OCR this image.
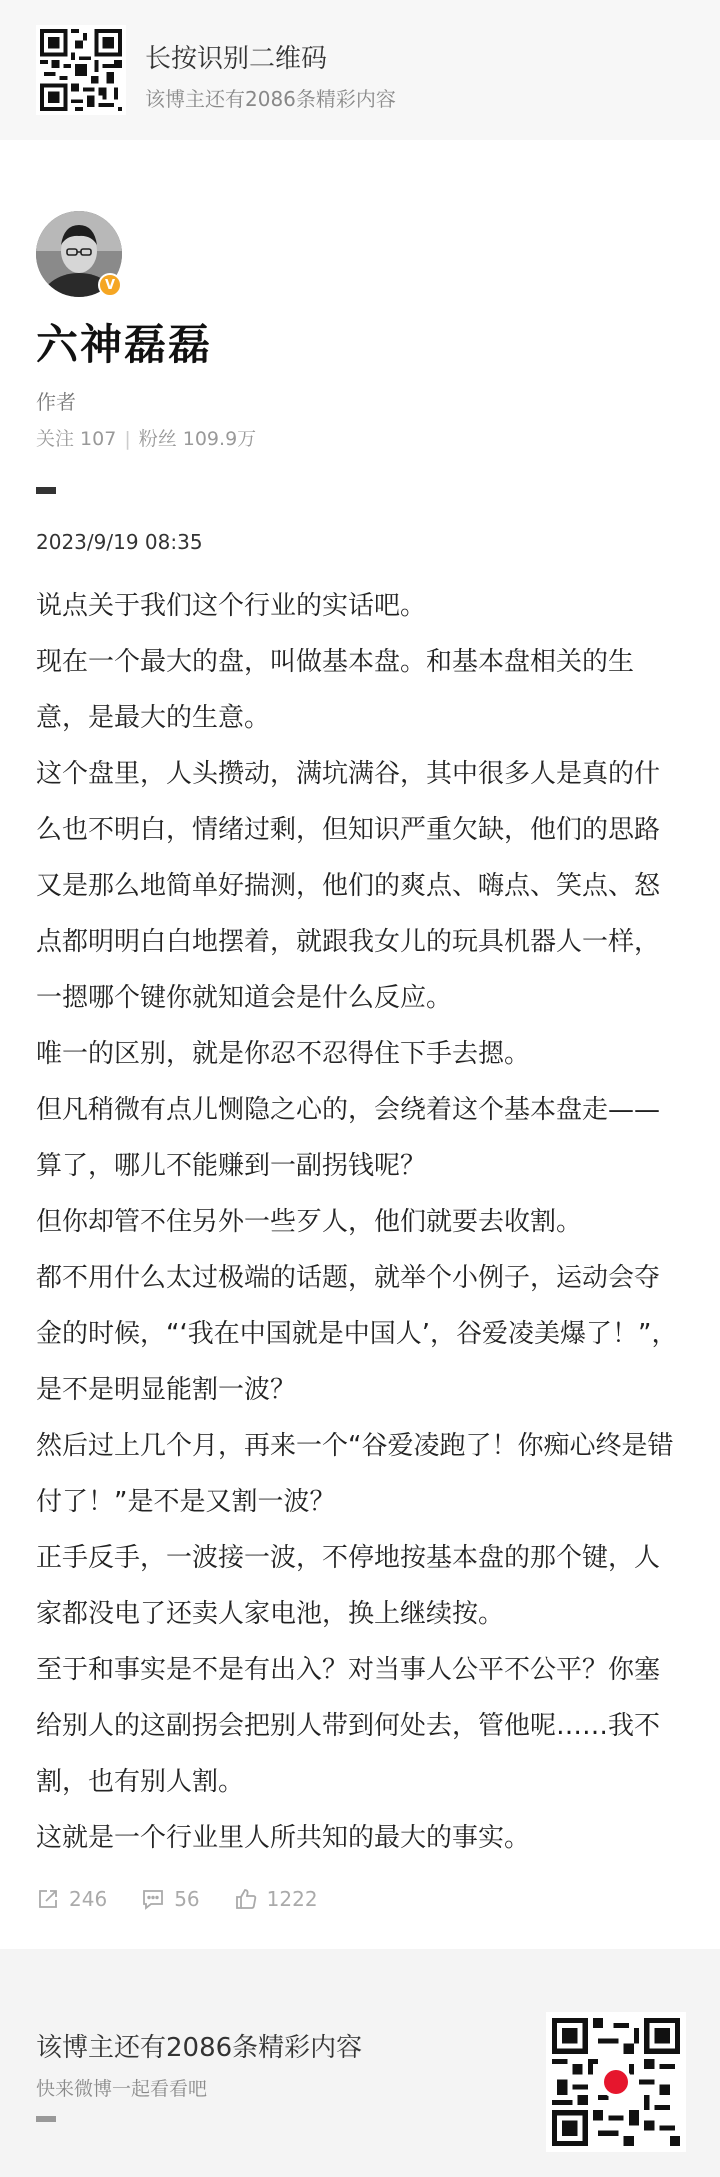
长按识别二维码
该博主还有2086条精彩内容
V
六神磊磊
作者
关注 107 | 粉丝 109.9万
2023/9/19 08:35

说点关于我们这个行业的实话吧。

现在一个最大的盘，叫做基本盘。和基本盘相关的生
意，是最大的生意。

这个盘里，人头攒动，满坑满谷，其中很多人是真的什
么也不明白，情绪过剩，但知识严重欠缺，他们的思路
又是那么地简单好揣测，他们的爽点、嗨点、笑点、怒
点都明明白白地摆着，就跟我女儿的玩具机器人一样，
一摁哪个键你就知道会是什么反应。

唯一的区别，就是你忍不忍得住下手去摁。

但凡稍微有点儿恻隐之心的，会绕着这个基本盘走——
算了，哪儿不能赚到一副拐钱呢？

但你却管不住另外一些歹人，他们就要去收割。

都不用什么太过极端的话题，就举个小例子，运动会夺
金的时候，“‘我在中国就是中国人’，谷爱凌美爆了！”，
是不是明显能割一波？

然后过上几个月，再来一个“谷爱凌跑了！你痴心终是错
付了！”是不是又割一波？

正手反手，一波接一波，不停地按基本盘的那个键，人
家都没电了还卖人家电池，换上继续按。

至于和事实是不是有出入？对当事人公平不公平？你塞
给别人的这副拐会把别人带到何处去，管他呢……我不
割，也有别人割。

这就是一个行业里人所共知的最大的事实。

246	56	1222
该博主还有2086条精彩内容
快来微博一起看看吧
